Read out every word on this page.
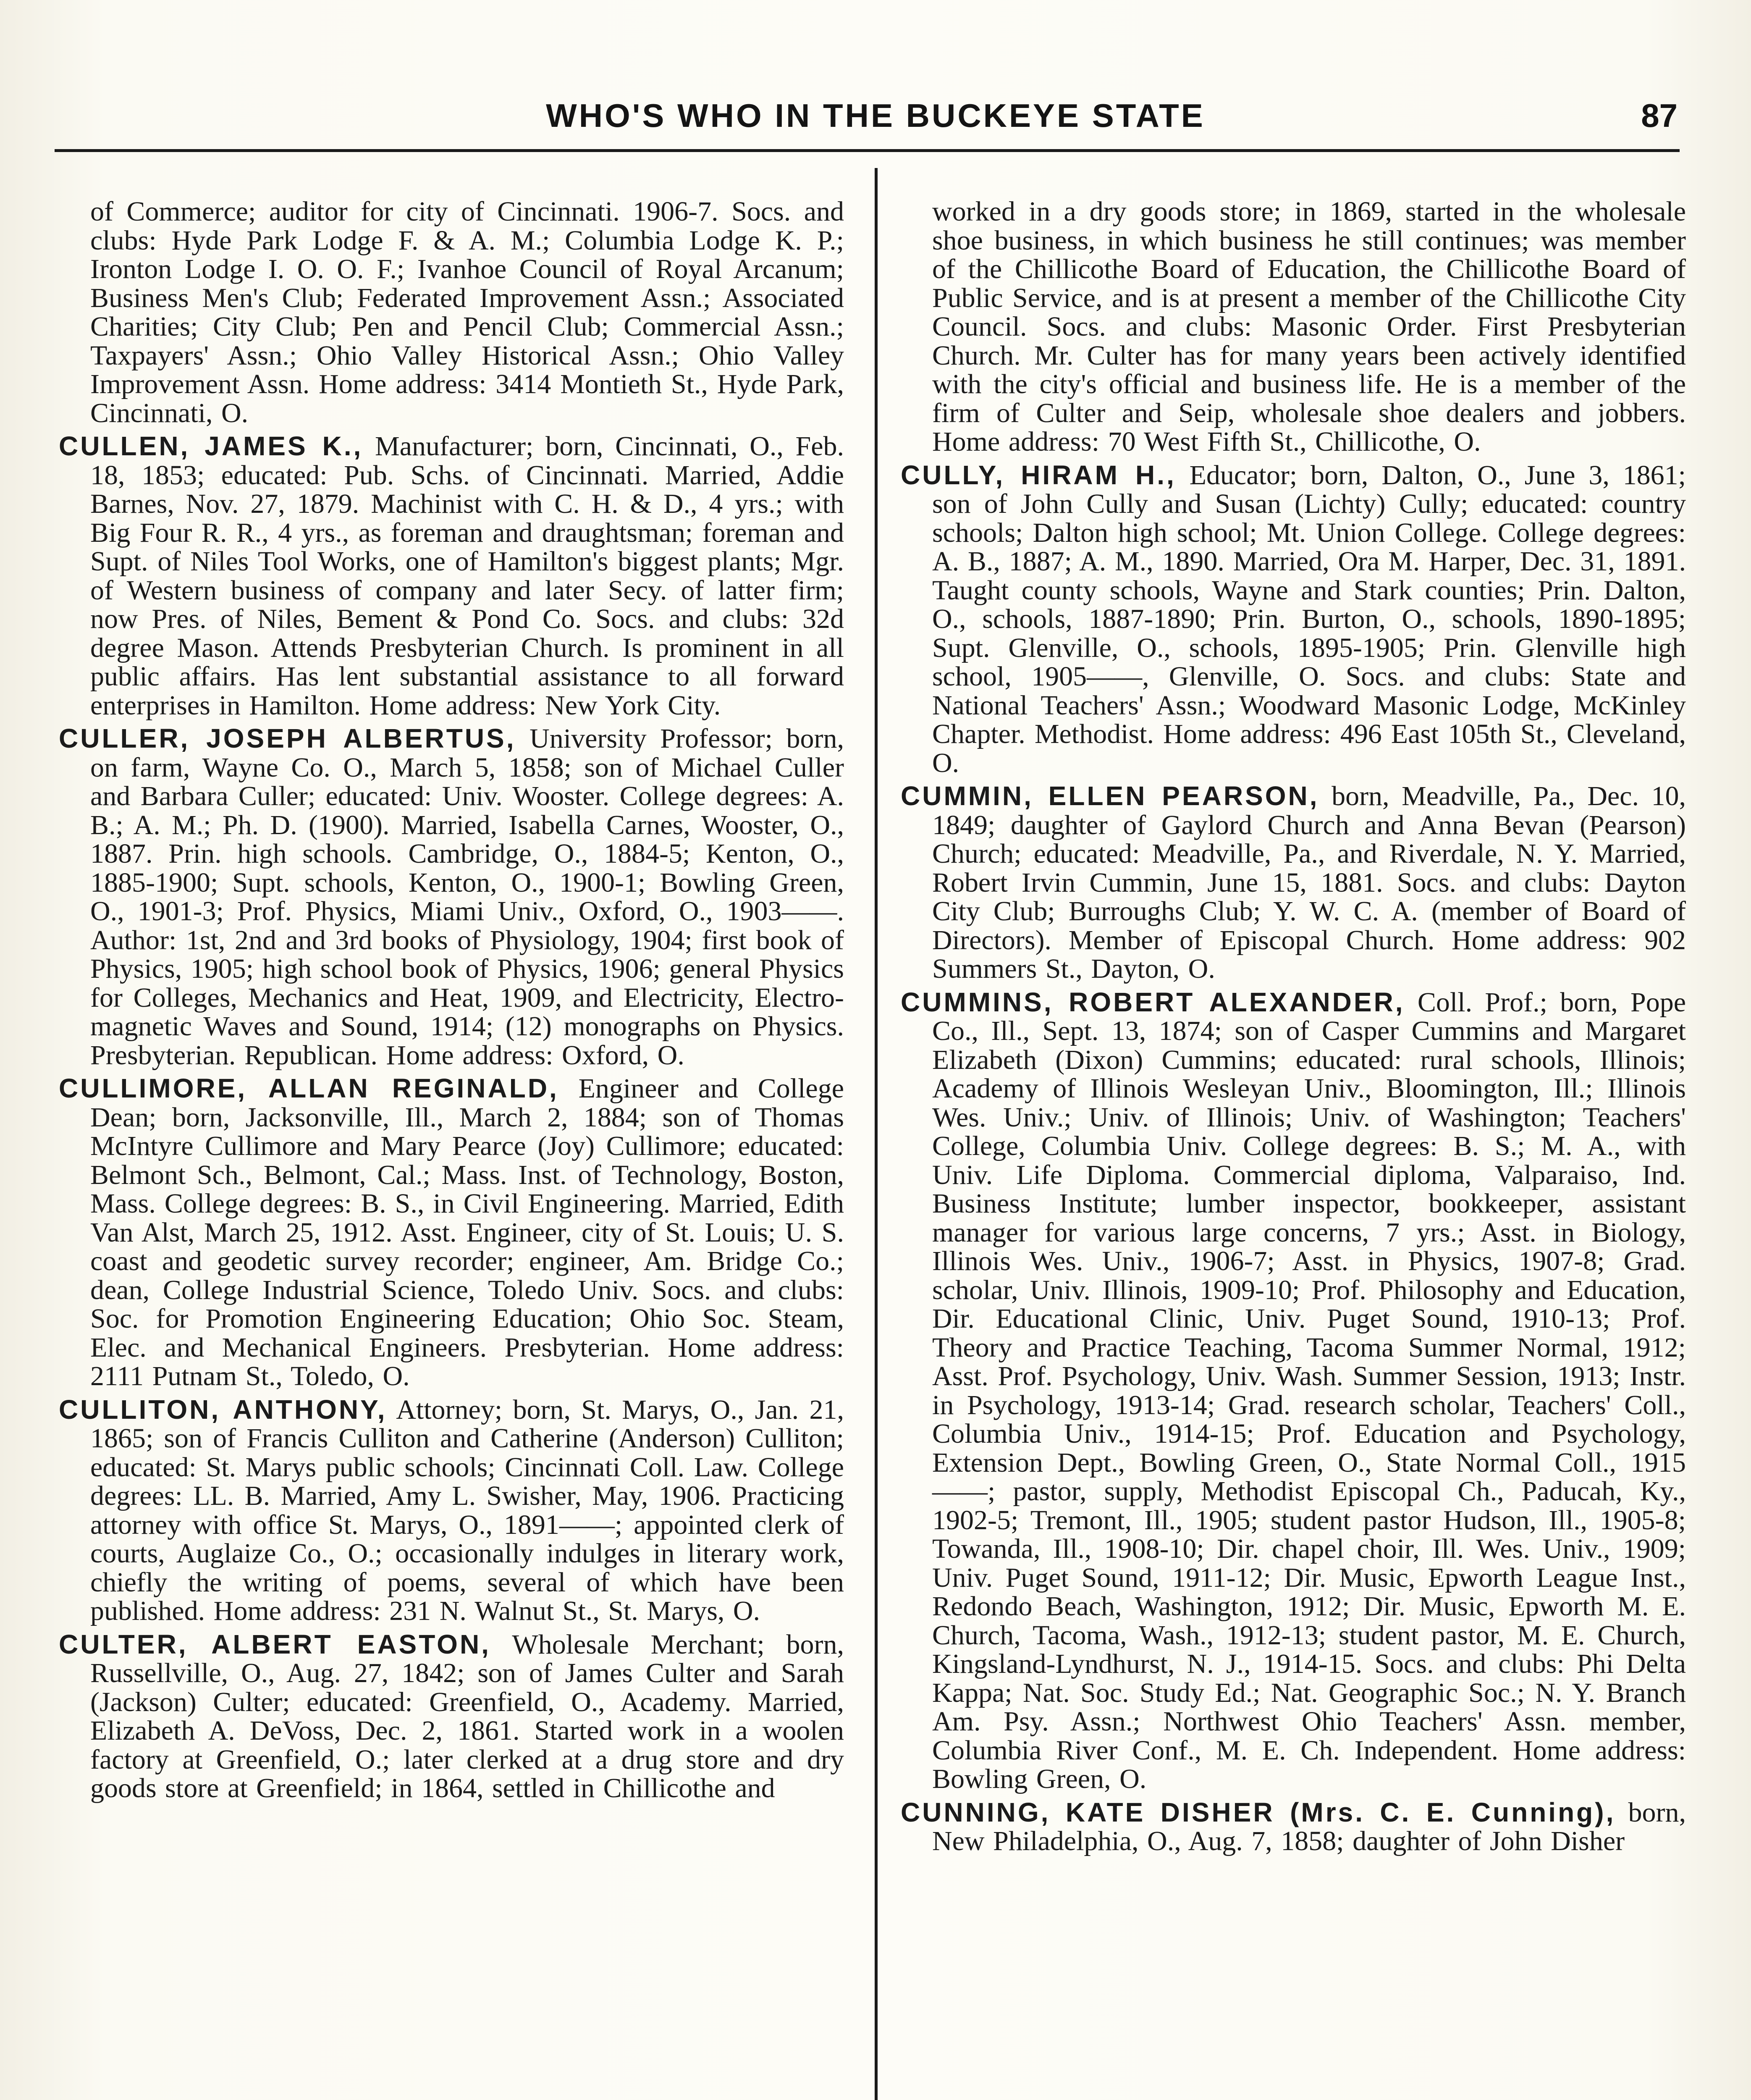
WHO'S WHO IN THE BUCKEYE STATE	87

of Commerce; auditor for city of Cincinnati. 1906-7. Socs. and clubs: Hyde Park Lodge F. & A. M.; Columbia Lodge K. P.; Ironton Lodge I. O. O. F.; Ivanhoe Council of Royal Arcanum; Business Men's Club; Federated Improvement Assn.; Associated Charities; City Club; Pen and Pencil Club; Commercial Assn.; Taxpayers' Assn.; Ohio Valley Historical Assn.; Ohio Valley Improvement Assn. Home address: 3414 Montieth St., Hyde Park, Cincinnati, O.

CULLEN, JAMES K., Manufacturer; born, Cincinnati, O., Feb. 18, 1853; educated: Pub. Schs. of Cincinnati. Married, Addie Barnes, Nov. 27, 1879. Machinist with C. H. & D., 4 yrs.; with Big Four R. R., 4 yrs., as foreman and draughtsman; foreman and Supt. of Niles Tool Works, one of Hamilton's biggest plants; Mgr. of Western business of company and later Secy. of latter firm; now Pres. of Niles, Bement & Pond Co. Socs. and clubs: 32d degree Mason. Attends Presbyterian Church. Is prominent in all public affairs. Has lent substantial assistance to all forward enterprises in Hamilton. Home address: New York City.

CULLER, JOSEPH ALBERTUS, University Professor; born, on farm, Wayne Co. O., March 5, 1858; son of Michael Culler and Barbara Culler; educated: Univ. Wooster. College degrees: A. B.; A. M.; Ph. D. (1900). Married, Isabella Carnes, Wooster, O., 1887. Prin. high schools. Cambridge, O., 1884-5; Kenton, O., 1885-1900; Supt. schools, Kenton, O., 1900-1; Bowling Green, O., 1901-3; Prof. Physics, Miami Univ., Oxford, O., 1903——. Author: 1st, 2nd and 3rd books of Physiology, 1904; first book of Physics, 1905; high school book of Physics, 1906; general Physics for Colleges, Mechanics and Heat, 1909, and Electricity, Electro-magnetic Waves and Sound, 1914; (12) monographs on Physics. Presbyterian. Republican. Home address: Oxford, O.

CULLIMORE, ALLAN REGINALD, Engineer and College Dean; born, Jacksonville, Ill., March 2, 1884; son of Thomas McIntyre Cullimore and Mary Pearce (Joy) Cullimore; educated: Belmont Sch., Belmont, Cal.; Mass. Inst. of Technology, Boston, Mass. College degrees: B. S., in Civil Engineering. Married, Edith Van Alst, March 25, 1912. Asst. Engineer, city of St. Louis; U. S. coast and geodetic survey recorder; engineer, Am. Bridge Co.; dean, College Industrial Science, Toledo Univ. Socs. and clubs: Soc. for Promotion Engineering Education; Ohio Soc. Steam, Elec. and Mechanical Engineers. Presbyterian. Home address: 2111 Putnam St., Toledo, O.

CULLITON, ANTHONY, Attorney; born, St. Marys, O., Jan. 21, 1865; son of Francis Culliton and Catherine (Anderson) Culliton; educated: St. Marys public schools; Cincinnati Coll. Law. College degrees: LL. B. Married, Amy L. Swisher, May, 1906. Practicing attorney with office St. Marys, O., 1891——; appointed clerk of courts, Auglaize Co., O.; occasionally indulges in literary work, chiefly the writing of poems, several of which have been published. Home address: 231 N. Walnut St., St. Marys, O.

CULTER, ALBERT EASTON, Wholesale Merchant; born, Russellville, O., Aug. 27, 1842; son of James Culter and Sarah (Jackson) Culter; educated: Greenfield, O., Academy. Married, Elizabeth A. DeVoss, Dec. 2, 1861. Started work in a woolen factory at Greenfield, O.; later clerked at a drug store and dry goods store at Greenfield; in 1864, settled in Chillicothe and

worked in a dry goods store; in 1869, started in the wholesale shoe business, in which business he still continues; was member of the Chillicothe Board of Education, the Chillicothe Board of Public Service, and is at present a member of the Chillicothe City Council. Socs. and clubs: Masonic Order. First Presbyterian Church. Mr. Culter has for many years been actively identified with the city's official and business life. He is a member of the firm of Culter and Seip, wholesale shoe dealers and jobbers. Home address: 70 West Fifth St., Chillicothe, O.

CULLY, HIRAM H., Educator; born, Dalton, O., June 3, 1861; son of John Cully and Susan (Lichty) Cully; educated: country schools; Dalton high school; Mt. Union College. College degrees: A. B., 1887; A. M., 1890. Married, Ora M. Harper, Dec. 31, 1891. Taught county schools, Wayne and Stark counties; Prin. Dalton, O., schools, 1887-1890; Prin. Burton, O., schools, 1890-1895; Supt. Glenville, O., schools, 1895-1905; Prin. Glenville high school, 1905——, Glenville, O. Socs. and clubs: State and National Teachers' Assn.; Woodward Masonic Lodge, McKinley Chapter. Methodist. Home address: 496 East 105th St., Cleveland, O.

CUMMIN, ELLEN PEARSON, born, Meadville, Pa., Dec. 10, 1849; daughter of Gaylord Church and Anna Bevan (Pearson) Church; educated: Meadville, Pa., and Riverdale, N. Y. Married, Robert Irvin Cummin, June 15, 1881. Socs. and clubs: Dayton City Club; Burroughs Club; Y. W. C. A. (member of Board of Directors). Member of Episcopal Church. Home address: 902 Summers St., Dayton, O.

CUMMINS, ROBERT ALEXANDER, Coll. Prof.; born, Pope Co., Ill., Sept. 13, 1874; son of Casper Cummins and Margaret Elizabeth (Dixon) Cummins; educated: rural schools, Illinois; Academy of Illinois Wesleyan Univ., Bloomington, Ill.; Illinois Wes. Univ.; Univ. of Illinois; Univ. of Washington; Teachers' College, Columbia Univ. College degrees: B. S.; M. A., with Univ. Life Diploma. Commercial diploma, Valparaiso, Ind. Business Institute; lumber inspector, bookkeeper, assistant manager for various large concerns, 7 yrs.; Asst. in Biology, Illinois Wes. Univ., 1906-7; Asst. in Physics, 1907-8; Grad. scholar, Univ. Illinois, 1909-10; Prof. Philosophy and Education, Dir. Educational Clinic, Univ. Puget Sound, 1910-13; Prof. Theory and Practice Teaching, Tacoma Summer Normal, 1912; Asst. Prof. Psychology, Univ. Wash. Summer Session, 1913; Instr. in Psychology, 1913-14; Grad. research scholar, Teachers' Coll., Columbia Univ., 1914-15; Prof. Education and Psychology, Extension Dept., Bowling Green, O., State Normal Coll., 1915——; pastor, supply, Methodist Episcopal Ch., Paducah, Ky., 1902-5; Tremont, Ill., 1905; student pastor Hudson, Ill., 1905-8; Towanda, Ill., 1908-10; Dir. chapel choir, Ill. Wes. Univ., 1909; Univ. Puget Sound, 1911-12; Dir. Music, Epworth League Inst., Redondo Beach, Washington, 1912; Dir. Music, Epworth M. E. Church, Tacoma, Wash., 1912-13; student pastor, M. E. Church, Kingsland-Lyndhurst, N. J., 1914-15. Socs. and clubs: Phi Delta Kappa; Nat. Soc. Study Ed.; Nat. Geographic Soc.; N. Y. Branch Am. Psy. Assn.; Northwest Ohio Teachers' Assn. member, Columbia River Conf., M. E. Ch. Independent. Home address: Bowling Green, O.

CUNNING, KATE DISHER (Mrs. C. E. Cunning), born, New Philadelphia, O., Aug. 7, 1858; daughter of John Disher
